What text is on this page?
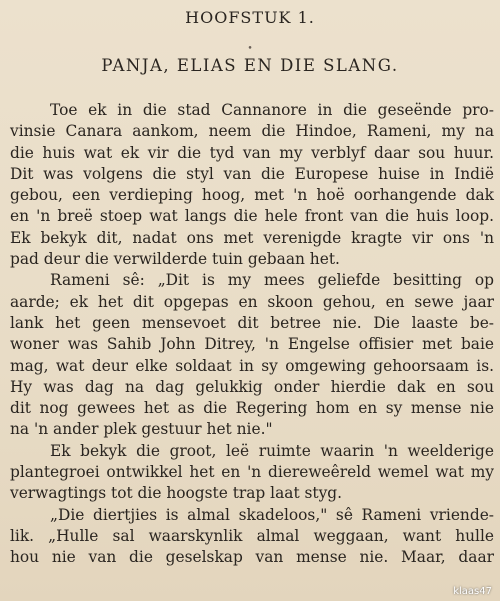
HOOFSTUK 1.
•
PANJA, ELIAS EN DIE SLANG.
Toe ek in die stad Cannanore in die geseënde pro-
vinsie Canara aankom, neem die Hindoe, Rameni, my na
die huis wat ek vir die tyd van my verblyf daar sou huur.
Dit was volgens die styl van die Europese huise in Indië
gebou, een verdieping hoog, met 'n hoë oorhangende dak
en 'n breë stoep wat langs die hele front van die huis loop.
Ek bekyk dit, nadat ons met verenigde kragte vir ons 'n
pad deur die verwilderde tuin gebaan het.
Rameni sê: „Dit is my mees geliefde besitting op
aarde; ek het dit opgepas en skoon gehou, en sewe jaar
lank het geen mensevoet dit betree nie. Die laaste be-
woner was Sahib John Ditrey, 'n Engelse offisier met baie
mag, wat deur elke soldaat in sy omgewing gehoorsaam is.
Hy was dag na dag gelukkig onder hierdie dak en sou
dit nog gewees het as die Regering hom en sy mense nie
na 'n ander plek gestuur het nie."
Ek bekyk die groot, leë ruimte waarin 'n weelderige
plantegroei ontwikkel het en 'n diereweêreld wemel wat my
verwagtings tot die hoogste trap laat styg.
„Die diertjies is almal skadeloos," sê Rameni vriende-
lik. „Hulle sal waarskynlik almal weggaan, want hulle
hou nie van die geselskap van mense nie. Maar, daar
klaas47
